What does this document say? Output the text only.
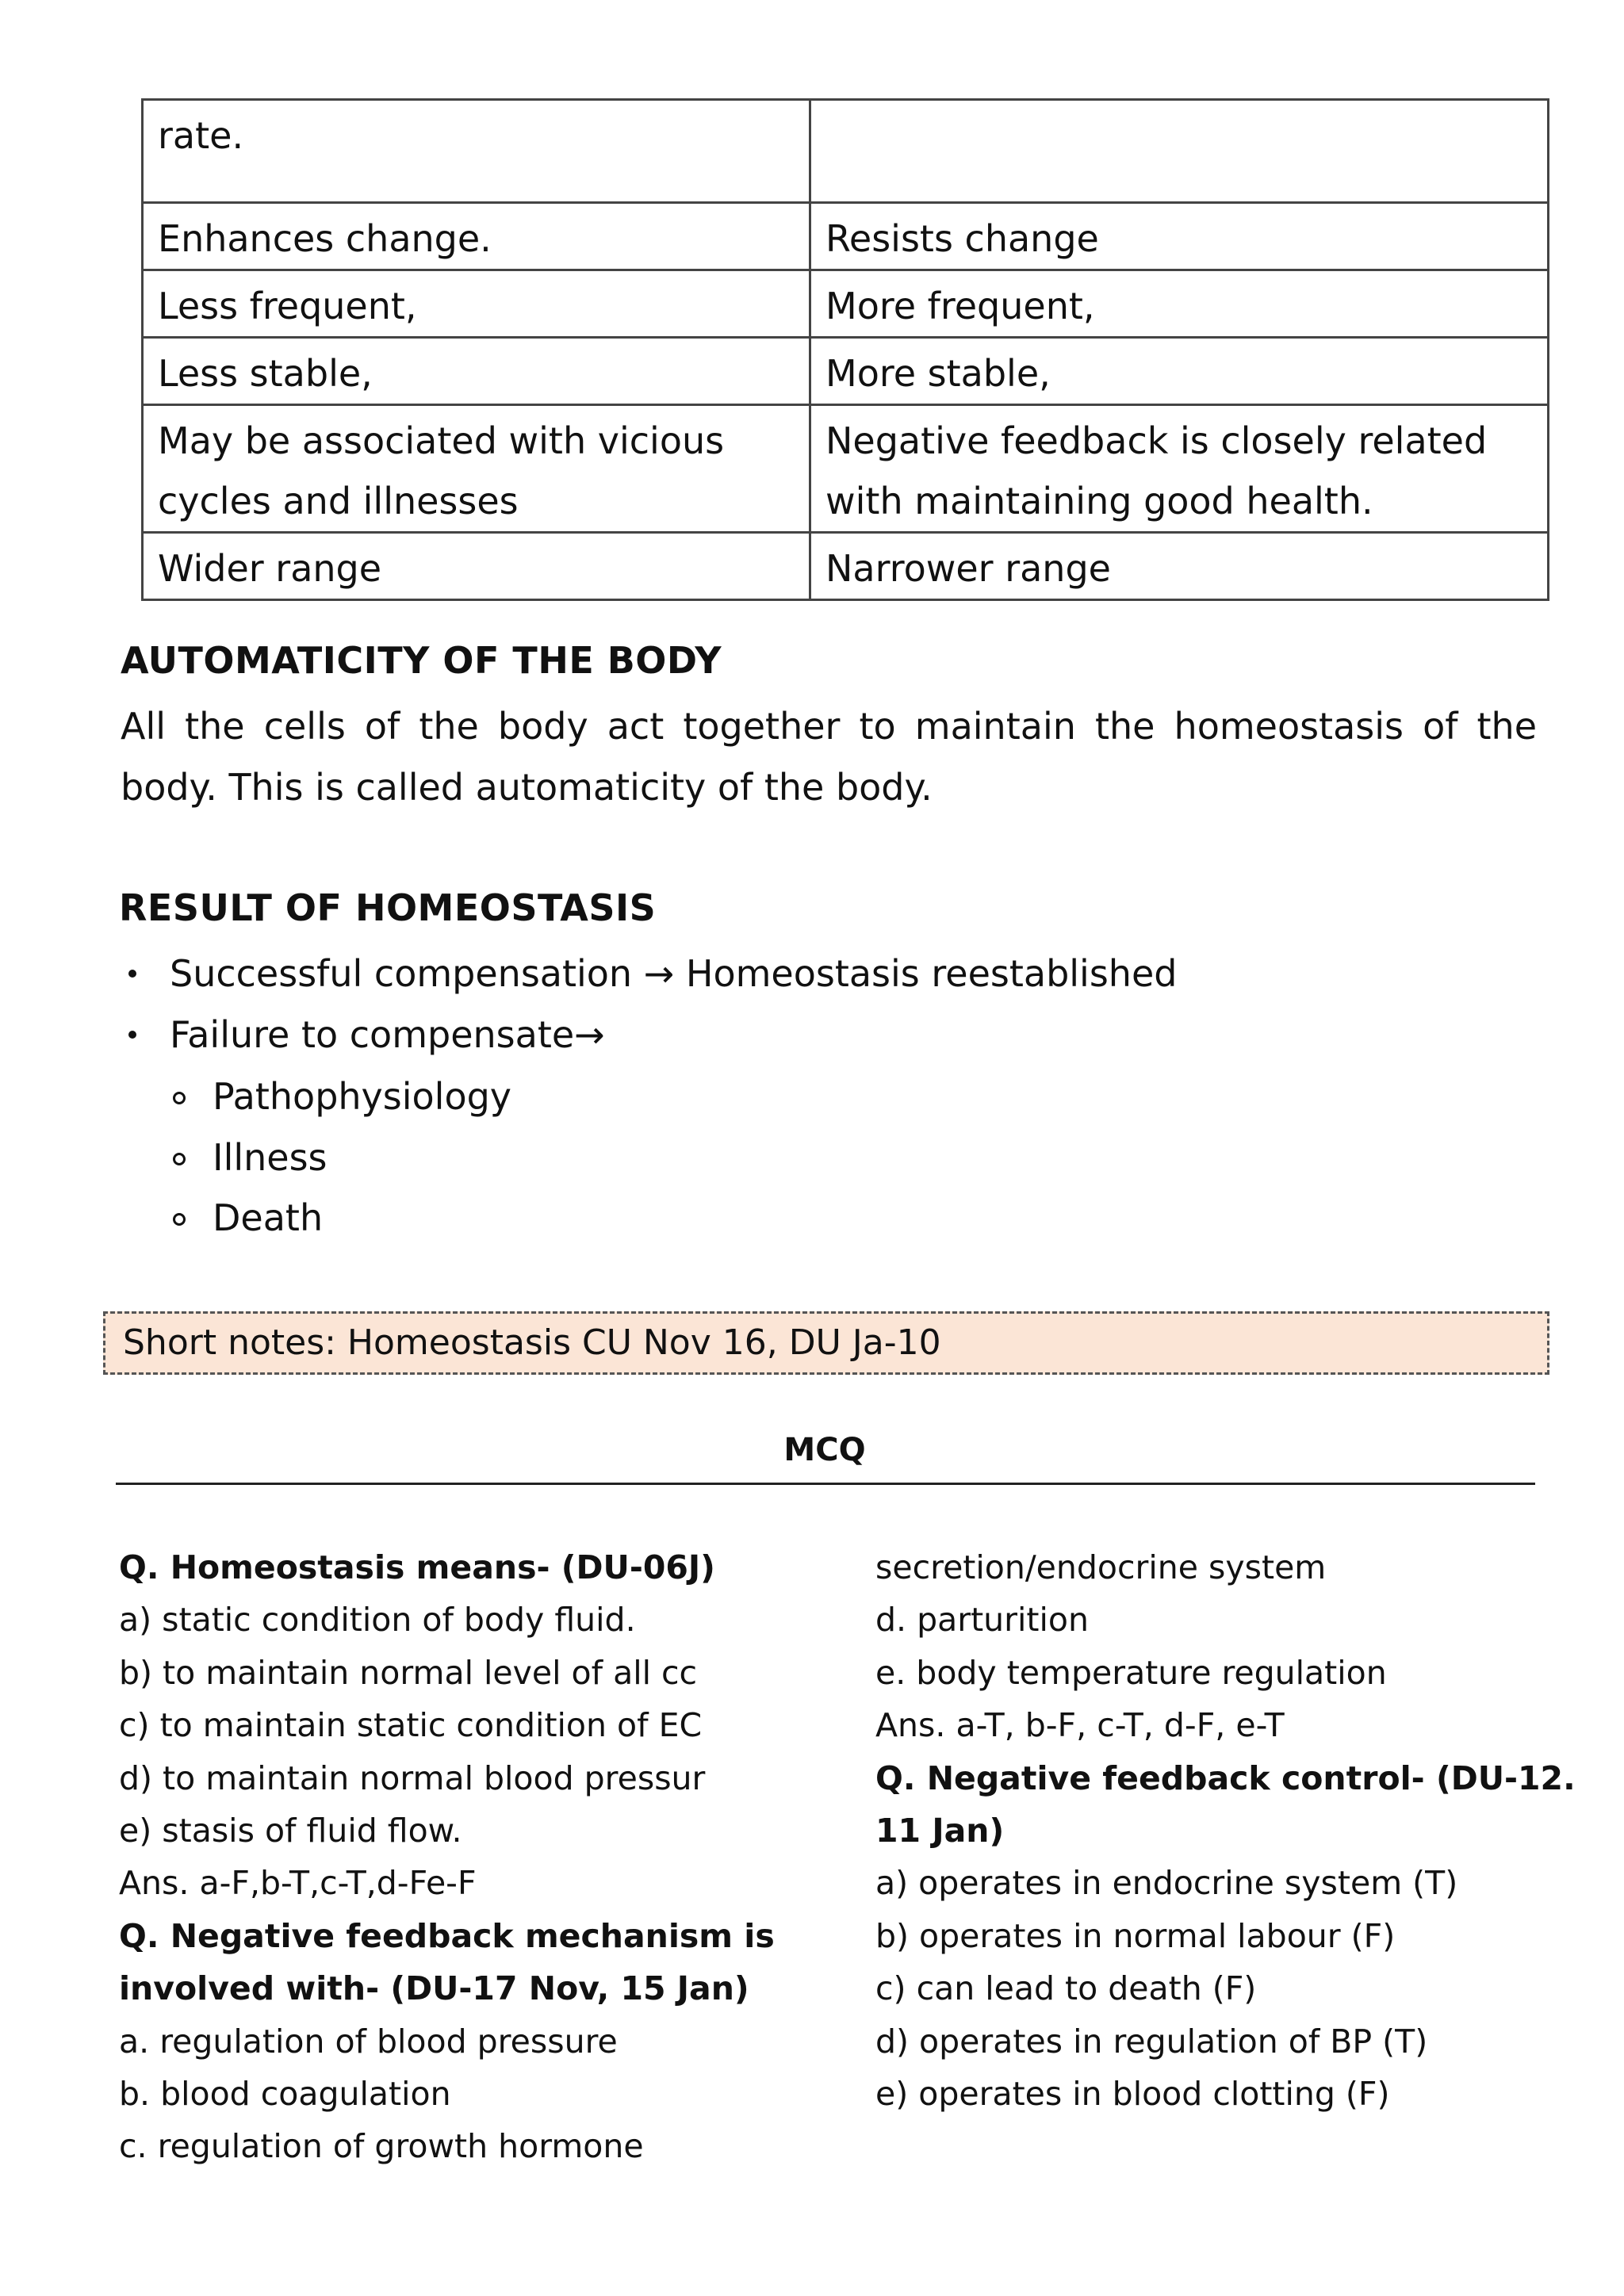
rate.	
Enhances change.	Resists change
Less frequent,	More frequent,
Less stable,	More stable,
May be associated with vicious cycles and illnesses	Negative feedback is closely related with maintaining good health.
Wider range	Narrower range
AUTOMATICITY OF THE BODY
All the cells of the body act together to maintain the homeostasis of the
body. This is called automaticity of the body.
RESULT OF HOMEOSTASIS
Successful compensation → Homeostasis reestablished
Failure to compensate→
Pathophysiology
Illness
Death
Short notes: Homeostasis CU Nov 16, DU Ja-10
MCQ
Q. Homeostasis means- (DU-06J)
a) static condition of body fluid.
b) to maintain normal level of all cc
c) to maintain static condition of EC
d) to maintain normal blood pressur
e) stasis of fluid flow.
Ans. a-F,b-T,c-T,d-Fe-F
Q. Negative feedback mechanism is
involved with- (DU-17 Nov, 15 Jan)
a. regulation of blood pressure
b. blood coagulation
c. regulation of growth hormone
secretion/endocrine system
d. parturition
e. body temperature regulation
Ans. a-T, b-F, c-T, d-F, e-T
Q. Negative feedback control- (DU-12.
11 Jan)
a) operates in endocrine system (T)
b) operates in normal labour (F)
c) can lead to death (F)
d) operates in regulation of BP (T)
e) operates in blood clotting (F)
